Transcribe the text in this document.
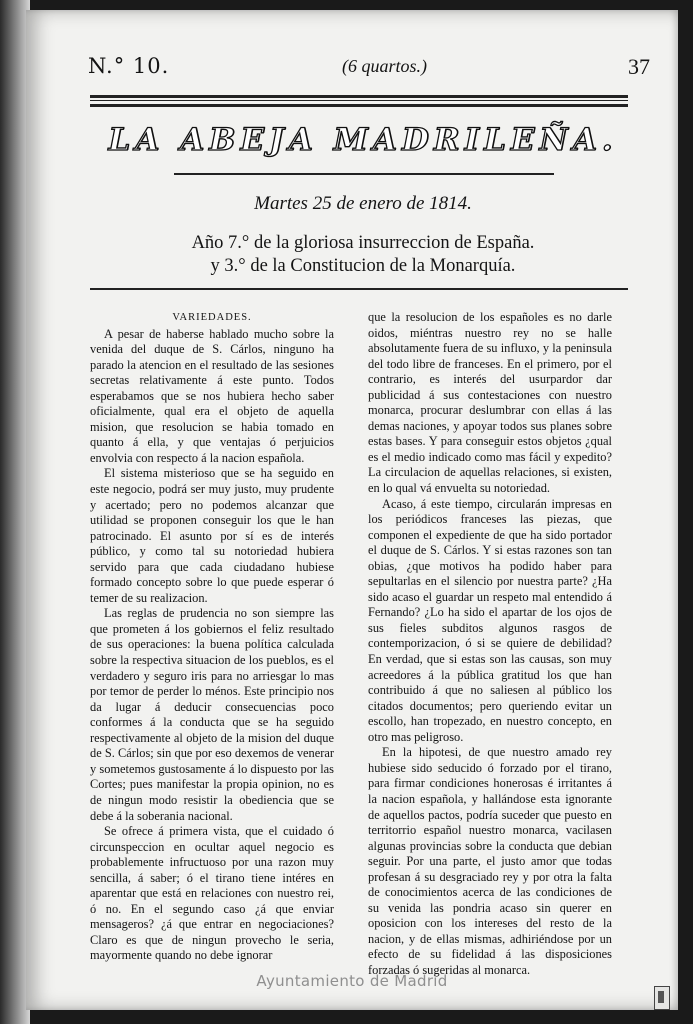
N.° 10.	(6 quartos.)	37
LA ABEJA MADRILEÑA.
Martes 25 de enero de 1814.
Año 7.° de la gloriosa insurreccion de España.
y 3.° de la Constitucion de la Monarquía.
VARIEDADES.

A pesar de haberse hablado mucho sobre la venida del duque de S. Cárlos, ninguno ha parado la atencion en el resultado de las sesiones secretas relativamente á este punto. Todos esperabamos que se nos hubiera hecho saber oficialmente, qual era el objeto de aquella mision, que resolucion se habia tomado en quanto á ella, y que ventajas ó perjuicios envolvia con respecto á la nacion española.

El sistema misterioso que se ha seguido en este negocio, podrá ser muy justo, muy prudente y acertado; pero no podemos alcanzar que utilidad se proponen conseguir los que le han patrocinado. El asunto por sí es de interés público, y como tal su notoriedad hubiera servido para que cada ciudadano hubiese formado concepto sobre lo que puede esperar ó temer de su realizacion.

Las reglas de prudencia no son siempre las que prometen á los gobiernos el feliz resultado de sus operaciones: la buena política calculada sobre la respectiva situacion de los pueblos, es el verdadero y seguro iris para no arriesgar lo mas por temor de perder lo ménos. Este principio nos da lugar á deducir consecuencias poco conformes á la conducta que se ha seguido respectivamente al objeto de la mision del duque de S. Cárlos; sin que por eso dexemos de venerar y sometemos gustosamente á lo dispuesto por las Cortes; pues manifestar la propia opinion, no es de ningun modo resistir la obediencia que se debe á la soberania nacional.

Se ofrece á primera vista, que el cuidado ó circunspeccion en ocultar aquel negocio es probablemente infructuoso por una razon muy sencilla, á saber; ó el tirano tiene intéres en aparentar que está en relaciones con nuestro rei, ó no. En el segundo caso ¿á que enviar mensageros? ¿á que entrar en negociaciones? Claro es que de ningun provecho le seria, mayormente quando no debe ignorar

que la resolucion de los españoles es no darle oidos, miéntras nuestro rey no se halle absolutamente fuera de su influxo, y la peninsula del todo libre de franceses. En el primero, por el contrario, es interés del usurpardor dar publicidad á sus contestaciones con nuestro monarca, procurar deslumbrar con ellas á las demas naciones, y apoyar todos sus planes sobre estas bases. Y para conseguir estos objetos ¿qual es el medio indicado como mas fácil y expedito? La circulacion de aquellas relaciones, si existen, en lo qual vá envuelta su notoriedad.

Acaso, á este tiempo, circularán impresas en los periódicos franceses las piezas, que componen el expediente de que ha sido portador el duque de S. Cárlos. Y si estas razones son tan obias, ¿que motivos ha podido haber para sepultarlas en el silencio por nuestra parte? ¿Ha sido acaso el guardar un respeto mal entendido á Fernando? ¿Lo ha sido el apartar de los ojos de sus fieles subditos algunos rasgos de contemporizacion, ó si se quiere de debilidad? En verdad, que si estas son las causas, son muy acreedores á la pública gratitud los que han contribuido á que no saliesen al público los citados documentos; pero queriendo evitar un escollo, han tropezado, en nuestro concepto, en otro mas peligroso.

En la hipotesi, de que nuestro amado rey hubiese sido seducido ó forzado por el tirano, para firmar condiciones honerosas é irritantes á la nacion española, y hallándose esta ignorante de aquellos pactos, podría suceder que puesto en territorrio español nuestro monarca, vacilasen algunas provincias sobre la conducta que debian seguir. Por una parte, el justo amor que todas profesan á su desgraciado rey y por otra la falta de conocimientos acerca de las condiciones de su venida las pondria acaso sin querer en oposicion con los intereses del resto de la nacion, y de ellas mismas, adhiriéndose por un efecto de su fidelidad á las disposiciones forzadas ó sugeridas al monarca.

Ayuntamiento de Madrid
